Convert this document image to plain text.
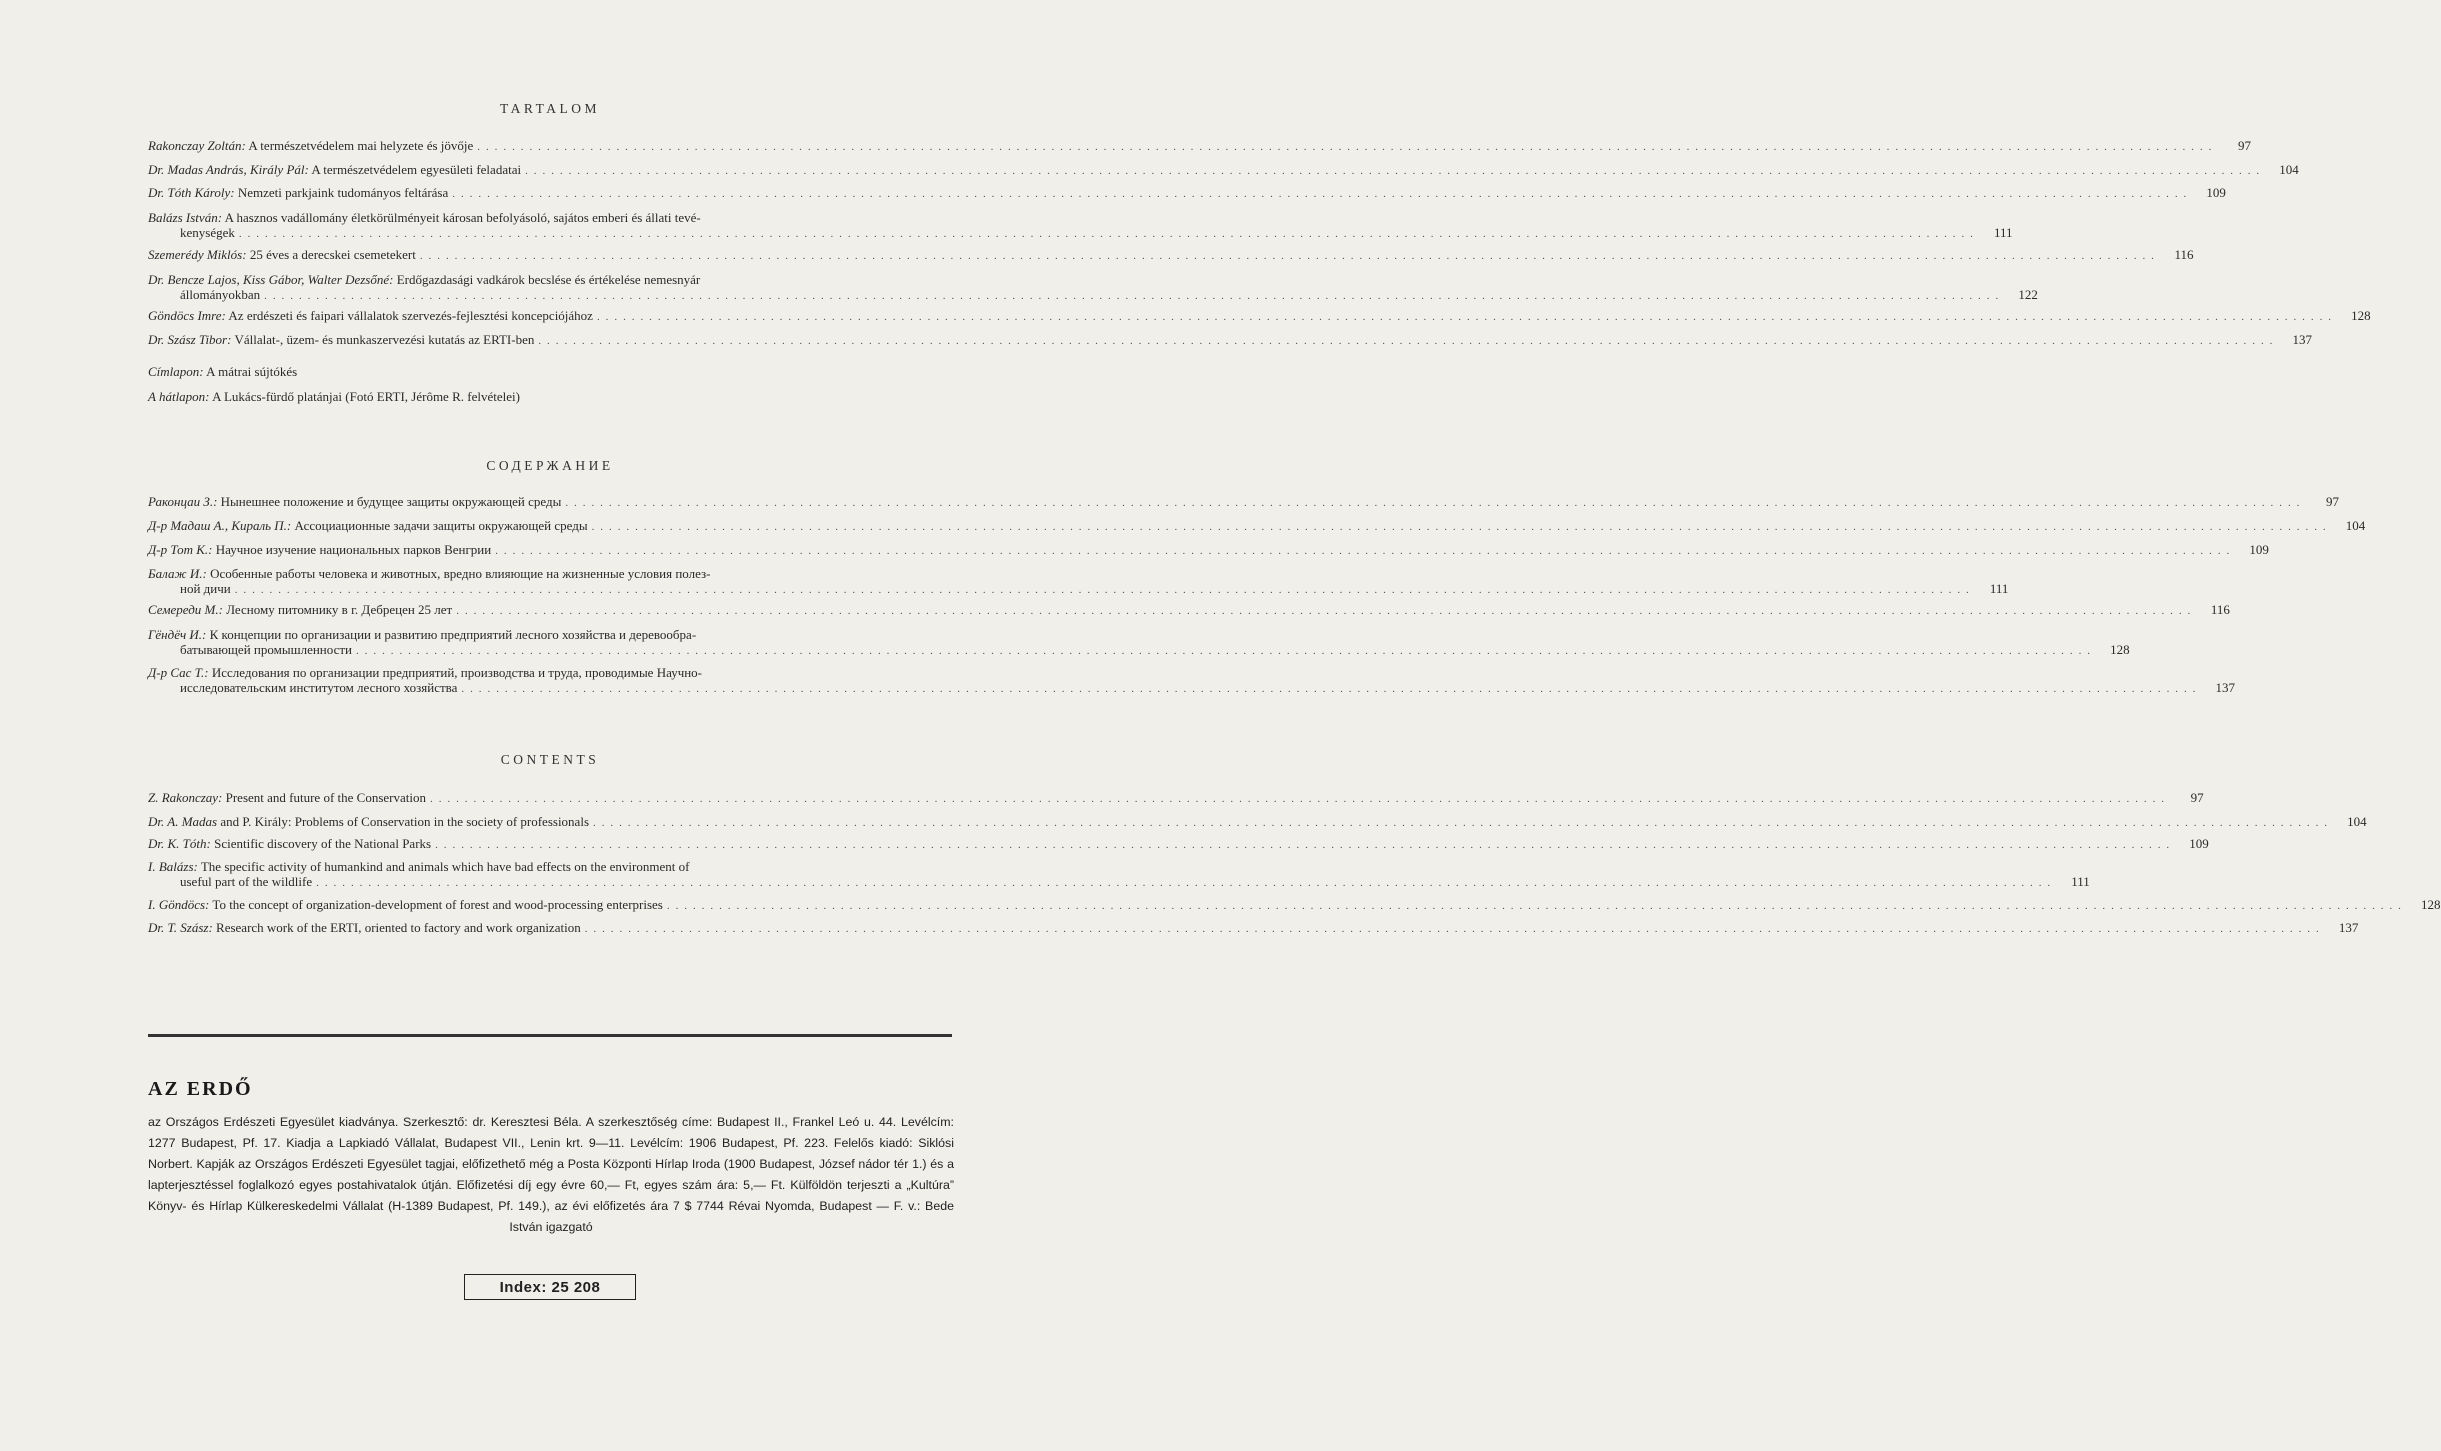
TARTALOM
Rakonczay Zoltán: A természetvédelem mai helyzete és jövője . . . . . . . . . . . . . . . . . . . . . . . . . . . . . . . . . . . . . . . . . . . . . . . . . . . . . . . . . . . . . . . . . . . . . . . . . . . . . . . . . . . . . . . . . . . . . . . . . . . . . . . . . . . . . . . . . . . . . . . . . . . . . . . . . . . . . . . . . . . . . . . . . . . . . . . . . . . . . . . . . . . . . . . . . . . . . . . . . . . . . . . . . . . . . . . . . . . . . . . .	97
Dr. Madas András, Király Pál: A természetvédelem egyesületi feladatai . . . . . . . . . . . . . . . . . . . . . . . . . . . . . . . . . . . . . . . . . . . . . . . . . . . . . . . . . . . . . . . . . . . . . . . . . . . . . . . . . . . . . . . . . . . . . . . . . . . . . . . . . . . . . . . . . . . . . . . . . . . . . . . . . . . . . . . . . . . . . . . . . . . . . . . . . . . . . . . . . . . . . . . . . . . . . . . . . . . . . . . . . . . . . . . . . . . . . . . .	104
Dr. Tóth Károly: Nemzeti parkjaink tudományos feltárása . . . . . . . . . . . . . . . . . . . . . . . . . . . . . . . . . . . . . . . . . . . . . . . . . . . . . . . . . . . . . . . . . . . . . . . . . . . . . . . . . . . . . . . . . . . . . . . . . . . . . . . . . . . . . . . . . . . . . . . . . . . . . . . . . . . . . . . . . . . . . . . . . . . . . . . . . . . . . . . . . . . . . . . . . . . . . . . . . . . . . . . . . . . . . . . . . . . . . . . .	109
Balázs István: A hasznos vadállomány életkörülményeit károsan befolyásoló, sajátos emberi és állati tevé-
kenységek . . . . . . . . . . . . . . . . . . . . . . . . . . . . . . . . . . . . . . . . . . . . . . . . . . . . . . . . . . . . . . . . . . . . . . . . . . . . . . . . . . . . . . . . . . . . . . . . . . . . . . . . . . . . . . . . . . . . . . . . . . . . . . . . . . . . . . . . . . . . . . . . . . . . . . . . . . . . . . . . . . . . . . . . . . . . . . . . . . . . . . . . . . . . . . . . . . . . . . . .	111
Szemerédy Miklós: 25 éves a derecskei csemetekert . . . . . . . . . . . . . . . . . . . . . . . . . . . . . . . . . . . . . . . . . . . . . . . . . . . . . . . . . . . . . . . . . . . . . . . . . . . . . . . . . . . . . . . . . . . . . . . . . . . . . . . . . . . . . . . . . . . . . . . . . . . . . . . . . . . . . . . . . . . . . . . . . . . . . . . . . . . . . . . . . . . . . . . . . . . . . . . . . . . . . . . . . . . . . . . . . . . . . . . .	116
Dr. Bencze Lajos, Kiss Gábor, Walter Dezsőné: Erdőgazdasági vadkárok becslése és értékelése nemesnyár
állományokban . . . . . . . . . . . . . . . . . . . . . . . . . . . . . . . . . . . . . . . . . . . . . . . . . . . . . . . . . . . . . . . . . . . . . . . . . . . . . . . . . . . . . . . . . . . . . . . . . . . . . . . . . . . . . . . . . . . . . . . . . . . . . . . . . . . . . . . . . . . . . . . . . . . . . . . . . . . . . . . . . . . . . . . . . . . . . . . . . . . . . . . . . . . . . . . . . . . . . . . .	122
Göndöcs Imre: Az erdészeti és faipari vállalatok szervezés-fejlesztési koncepciójához . . . . . . . . . . . . . . . . . . . . . . . . . . . . . . . . . . . . . . . . . . . . . . . . . . . . . . . . . . . . . . . . . . . . . . . . . . . . . . . . . . . . . . . . . . . . . . . . . . . . . . . . . . . . . . . . . . . . . . . . . . . . . . . . . . . . . . . . . . . . . . . . . . . . . . . . . . . . . . . . . . . . . . . . . . . . . . . . . . . . . . . . . . . . . . . . . . . . . . . .	128
Dr. Szász Tibor: Vállalat-, üzem- és munkaszervezési kutatás az ERTI-ben . . . . . . . . . . . . . . . . . . . . . . . . . . . . . . . . . . . . . . . . . . . . . . . . . . . . . . . . . . . . . . . . . . . . . . . . . . . . . . . . . . . . . . . . . . . . . . . . . . . . . . . . . . . . . . . . . . . . . . . . . . . . . . . . . . . . . . . . . . . . . . . . . . . . . . . . . . . . . . . . . . . . . . . . . . . . . . . . . . . . . . . . . . . . . . . . . . . . . . . .	137
Címlapon: A mátrai sújtókés
A hátlapon: A Lukács-fürdő platánjai (Fotó ERTI, Jérôme R. felvételei)
СОДЕРЖАНИЕ
Раконцаи З.: Нынешнее положение и будущее защиты окружающей среды . . . . . . . . . . . . . . . . . . . . . . . . . . . . . . . . . . . . . . . . . . . . . . . . . . . . . . . . . . . . . . . . . . . . . . . . . . . . . . . . . . . . . . . . . . . . . . . . . . . . . . . . . . . . . . . . . . . . . . . . . . . . . . . . . . . . . . . . . . . . . . . . . . . . . . . . . . . . . . . . . . . . . . . . . . . . . . . . . . . . . . . . . . . . . . . . . . . . . . . .	97
Д-р Мадаш А., Кираль П.: Ассоциационные задачи защиты окружающей среды . . . . . . . . . . . . . . . . . . . . . . . . . . . . . . . . . . . . . . . . . . . . . . . . . . . . . . . . . . . . . . . . . . . . . . . . . . . . . . . . . . . . . . . . . . . . . . . . . . . . . . . . . . . . . . . . . . . . . . . . . . . . . . . . . . . . . . . . . . . . . . . . . . . . . . . . . . . . . . . . . . . . . . . . . . . . . . . . . . . . . . . . . . . . . . . . . . . . . . . .	104
Д-р Тот К.: Научное изучение национальных парков Венгрии . . . . . . . . . . . . . . . . . . . . . . . . . . . . . . . . . . . . . . . . . . . . . . . . . . . . . . . . . . . . . . . . . . . . . . . . . . . . . . . . . . . . . . . . . . . . . . . . . . . . . . . . . . . . . . . . . . . . . . . . . . . . . . . . . . . . . . . . . . . . . . . . . . . . . . . . . . . . . . . . . . . . . . . . . . . . . . . . . . . . . . . . . . . . . . . . . . . . . . . .	109
Балаж И.: Особенные работы человека и животных, вредно влияющие на жизненные условия полез-
ной дичи . . . . . . . . . . . . . . . . . . . . . . . . . . . . . . . . . . . . . . . . . . . . . . . . . . . . . . . . . . . . . . . . . . . . . . . . . . . . . . . . . . . . . . . . . . . . . . . . . . . . . . . . . . . . . . . . . . . . . . . . . . . . . . . . . . . . . . . . . . . . . . . . . . . . . . . . . . . . . . . . . . . . . . . . . . . . . . . . . . . . . . . . . . . . . . . . . . . . . . . .	111
Семереди М.: Лесному питомнику в г. Дебрецен 25 лет . . . . . . . . . . . . . . . . . . . . . . . . . . . . . . . . . . . . . . . . . . . . . . . . . . . . . . . . . . . . . . . . . . . . . . . . . . . . . . . . . . . . . . . . . . . . . . . . . . . . . . . . . . . . . . . . . . . . . . . . . . . . . . . . . . . . . . . . . . . . . . . . . . . . . . . . . . . . . . . . . . . . . . . . . . . . . . . . . . . . . . . . . . . . . . . . . . . . . . . .	116
Гëндëч И.: К концепции по организации и развитию предприятий лесного хозяйства и деревообра-
батывающей промышленности . . . . . . . . . . . . . . . . . . . . . . . . . . . . . . . . . . . . . . . . . . . . . . . . . . . . . . . . . . . . . . . . . . . . . . . . . . . . . . . . . . . . . . . . . . . . . . . . . . . . . . . . . . . . . . . . . . . . . . . . . . . . . . . . . . . . . . . . . . . . . . . . . . . . . . . . . . . . . . . . . . . . . . . . . . . . . . . . . . . . . . . . . . . . . . . . . . . . . . . .	128
Д-р Сас Т.: Исследования по организации предприятий, производства и труда, проводимые Научно-
исследовательским институтом лесного хозяйства . . . . . . . . . . . . . . . . . . . . . . . . . . . . . . . . . . . . . . . . . . . . . . . . . . . . . . . . . . . . . . . . . . . . . . . . . . . . . . . . . . . . . . . . . . . . . . . . . . . . . . . . . . . . . . . . . . . . . . . . . . . . . . . . . . . . . . . . . . . . . . . . . . . . . . . . . . . . . . . . . . . . . . . . . . . . . . . . . . . . . . . . . . . . . . . . . . . . . . . .	137
CONTENTS
Z. Rakonczay: Present and future of the Conservation . . . . . . . . . . . . . . . . . . . . . . . . . . . . . . . . . . . . . . . . . . . . . . . . . . . . . . . . . . . . . . . . . . . . . . . . . . . . . . . . . . . . . . . . . . . . . . . . . . . . . . . . . . . . . . . . . . . . . . . . . . . . . . . . . . . . . . . . . . . . . . . . . . . . . . . . . . . . . . . . . . . . . . . . . . . . . . . . . . . . . . . . . . . . . . . . . . . . . . . .	97
Dr. A. Madas and P. Király: Problems of Conservation in the society of professionals . . . . . . . . . . . . . . . . . . . . . . . . . . . . . . . . . . . . . . . . . . . . . . . . . . . . . . . . . . . . . . . . . . . . . . . . . . . . . . . . . . . . . . . . . . . . . . . . . . . . . . . . . . . . . . . . . . . . . . . . . . . . . . . . . . . . . . . . . . . . . . . . . . . . . . . . . . . . . . . . . . . . . . . . . . . . . . . . . . . . . . . . . . . . . . . . . . . . . . . .	104
Dr. K. Tóth: Scientific discovery of the National Parks . . . . . . . . . . . . . . . . . . . . . . . . . . . . . . . . . . . . . . . . . . . . . . . . . . . . . . . . . . . . . . . . . . . . . . . . . . . . . . . . . . . . . . . . . . . . . . . . . . . . . . . . . . . . . . . . . . . . . . . . . . . . . . . . . . . . . . . . . . . . . . . . . . . . . . . . . . . . . . . . . . . . . . . . . . . . . . . . . . . . . . . . . . . . . . . . . . . . . . . .	109
I. Balázs: The specific activity of humankind and animals which have bad effects on the environment of
useful part of the wildlife . . . . . . . . . . . . . . . . . . . . . . . . . . . . . . . . . . . . . . . . . . . . . . . . . . . . . . . . . . . . . . . . . . . . . . . . . . . . . . . . . . . . . . . . . . . . . . . . . . . . . . . . . . . . . . . . . . . . . . . . . . . . . . . . . . . . . . . . . . . . . . . . . . . . . . . . . . . . . . . . . . . . . . . . . . . . . . . . . . . . . . . . . . . . . . . . . . . . . . . .	111
I. Göndöcs: To the concept of organization-development of forest and wood-processing enterprises . . . . . . . . . . . . . . . . . . . . . . . . . . . . . . . . . . . . . . . . . . . . . . . . . . . . . . . . . . . . . . . . . . . . . . . . . . . . . . . . . . . . . . . . . . . . . . . . . . . . . . . . . . . . . . . . . . . . . . . . . . . . . . . . . . . . . . . . . . . . . . . . . . . . . . . . . . . . . . . . . . . . . . . . . . . . . . . . . . . . . . . . . . . . . . . . . . . . . . . .	128
Dr. T. Szász: Research work of the ERTI, oriented to factory and work organization . . . . . . . . . . . . . . . . . . . . . . . . . . . . . . . . . . . . . . . . . . . . . . . . . . . . . . . . . . . . . . . . . . . . . . . . . . . . . . . . . . . . . . . . . . . . . . . . . . . . . . . . . . . . . . . . . . . . . . . . . . . . . . . . . . . . . . . . . . . . . . . . . . . . . . . . . . . . . . . . . . . . . . . . . . . . . . . . . . . . . . . . . . . . . . . . . . . . . . . .	137
AZ ERDŐ
az Országos Erdészeti Egyesület kiadványa. Szerkesztő: dr. Keresztesi Béla. A szerkesztőség címe: Budapest II., Frankel Leó u. 44. Levélcím: 1277 Budapest, Pf. 17. Kiadja a Lapkiadó Vállalat, Budapest VII., Lenin krt. 9—11. Levélcím: 1906 Budapest, Pf. 223. Felelős kiadó: Siklósi Norbert. Kapják az Országos Erdészeti Egyesület tagjai, előfizethető még a Posta Központi Hírlap Iroda (1900 Budapest, József nádor tér 1.) és a lapterjesztéssel foglalkozó egyes postahivatalok útján. Előfizetési díj egy évre 60,— Ft, egyes szám ára: 5,— Ft. Külföldön terjeszti a „Kultúra” Könyv- és Hírlap Külkereskedelmi Vállalat (H-1389 Budapest, Pf. 149.), az évi előfizetés ára 7 $ 7744 Révai Nyomda, Budapest — F. v.: Bede István igazgató
Index: 25 208
